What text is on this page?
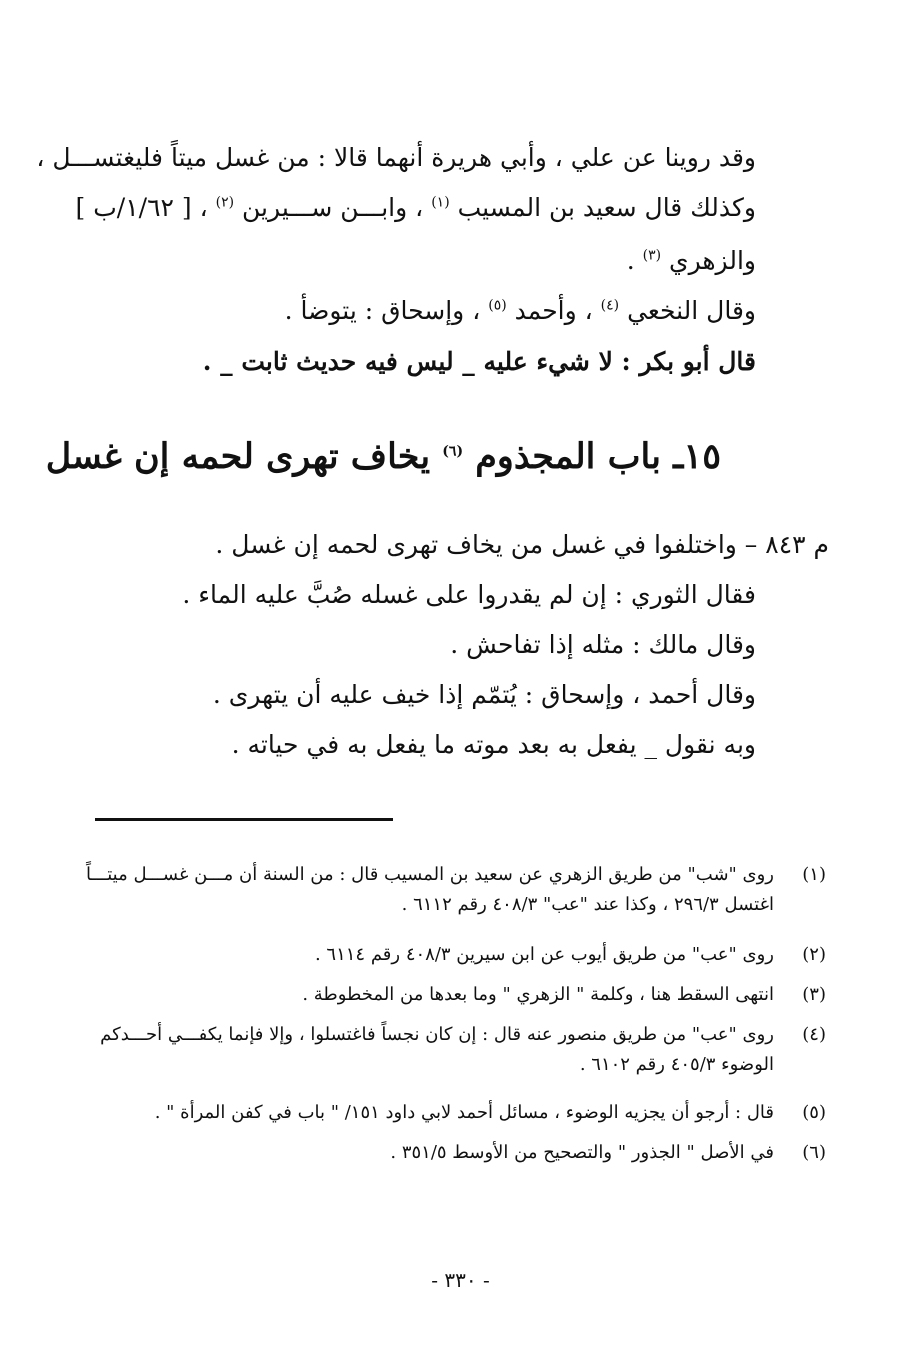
وقد روينا عن علي ، وأبي هريرة أنهما قالا : من غسل ميتاً فليغتســـل ،
وكذلك قال سعيد بن المسيب $^{(١)}$ ، وابـــن ســـيرين $^{(٢)}$ ، [ ١/٦٢/ب ]
والزهري $^{(٣)}$ .
وقال النخعي $^{(٤)}$ ، وأحمد $^{(٥)}$ ، وإسحاق : يتوضأ .
قال أبو بكر : لا شيء عليه _ ليس فيه حديث ثابت _ .
١٥ـ باب المجذوم $^{(٦)}$ يخاف تهرى لحمه إن غسل
م ٨٤٣ – واختلفوا في غسل من يخاف تهرى لحمه إن غسل .
فقال الثوري : إن لم يقدروا على غسله صُبَّ عليه الماء .
وقال مالك : مثله إذا تفاحش .
وقال أحمد ، وإسحاق : يُتمّم إذا خيف عليه أن يتهرى .
وبه نقول _ يفعل به بعد موته ما يفعل به في حياته .
(١)
روى "شب" من طريق الزهري عن سعيد بن المسيب قال : من السنة أن مـــن غســـل ميتـــاً
اغتسل ٢٩٦/٣ ، وكذا عند "عب" ٤٠٨/٣ رقم ٦١١٢ .
(٢)
روى "عب" من طريق أيوب عن ابن سيرين ٤٠٨/٣ رقم ٦١١٤ .
(٣)
انتهى السقط هنا ، وكلمة " الزهري " وما بعدها من المخطوطة .
(٤)
روى "عب" من طريق منصور عنه قال : إن كان نجساً فاغتسلوا ، وإلا فإنما يكفـــي أحـــدكم
الوضوء ٤٠٥/٣ رقم ٦١٠٢ .
(٥)
قال : أرجو أن يجزيه الوضوء ، مسائل أحمد لابي داود ١٥١/ " باب في كفن المرأة " .
(٦)
في الأصل " الجذور " والتصحيح من الأوسط ٣٥١/٥ .
- ٣٣٠ -
